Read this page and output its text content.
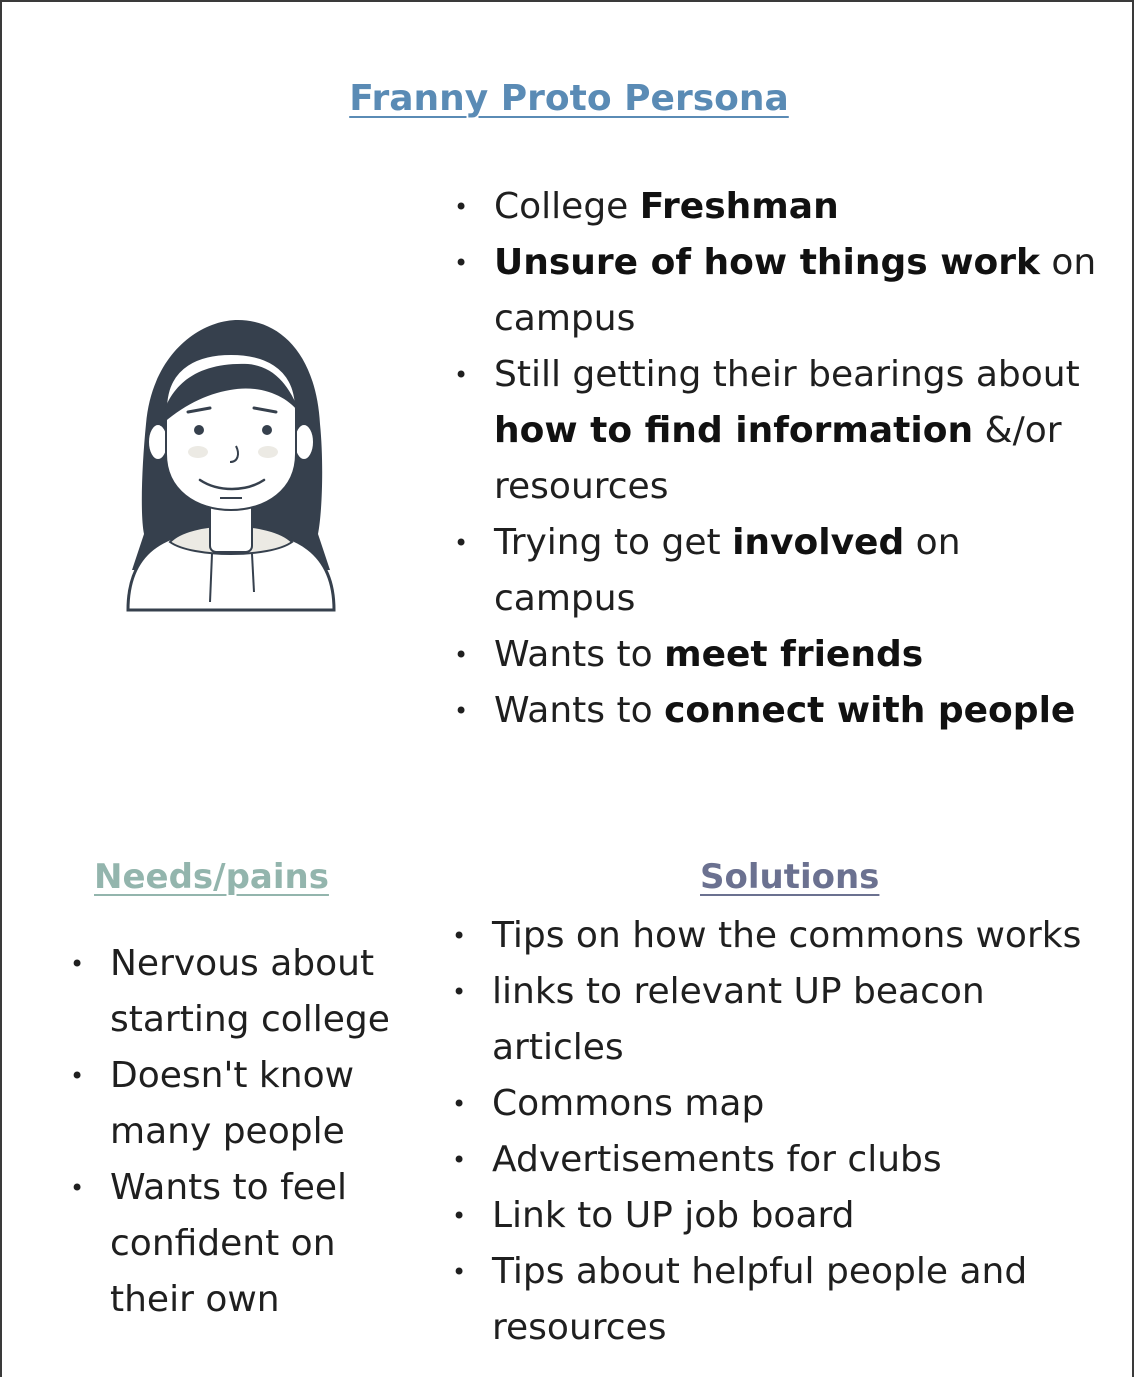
Franny Proto Persona
•
College Freshman
•
Unsure of how things work on campus
•
Still getting their bearings about how to find information &/or resources
•
Trying to get involved on campus
•
Wants to meet friends
•
Wants to connect with people
Needs/pains	Solutions
•
Nervous about starting college
•
Doesn't know many people
•
Wants to feel confident on their own
•
Tips on how the commons works
•
links to relevant UP beacon articles
•
Commons map
•
Advertisements for clubs
•
Link to UP job board
•
Tips about helpful people and resources
